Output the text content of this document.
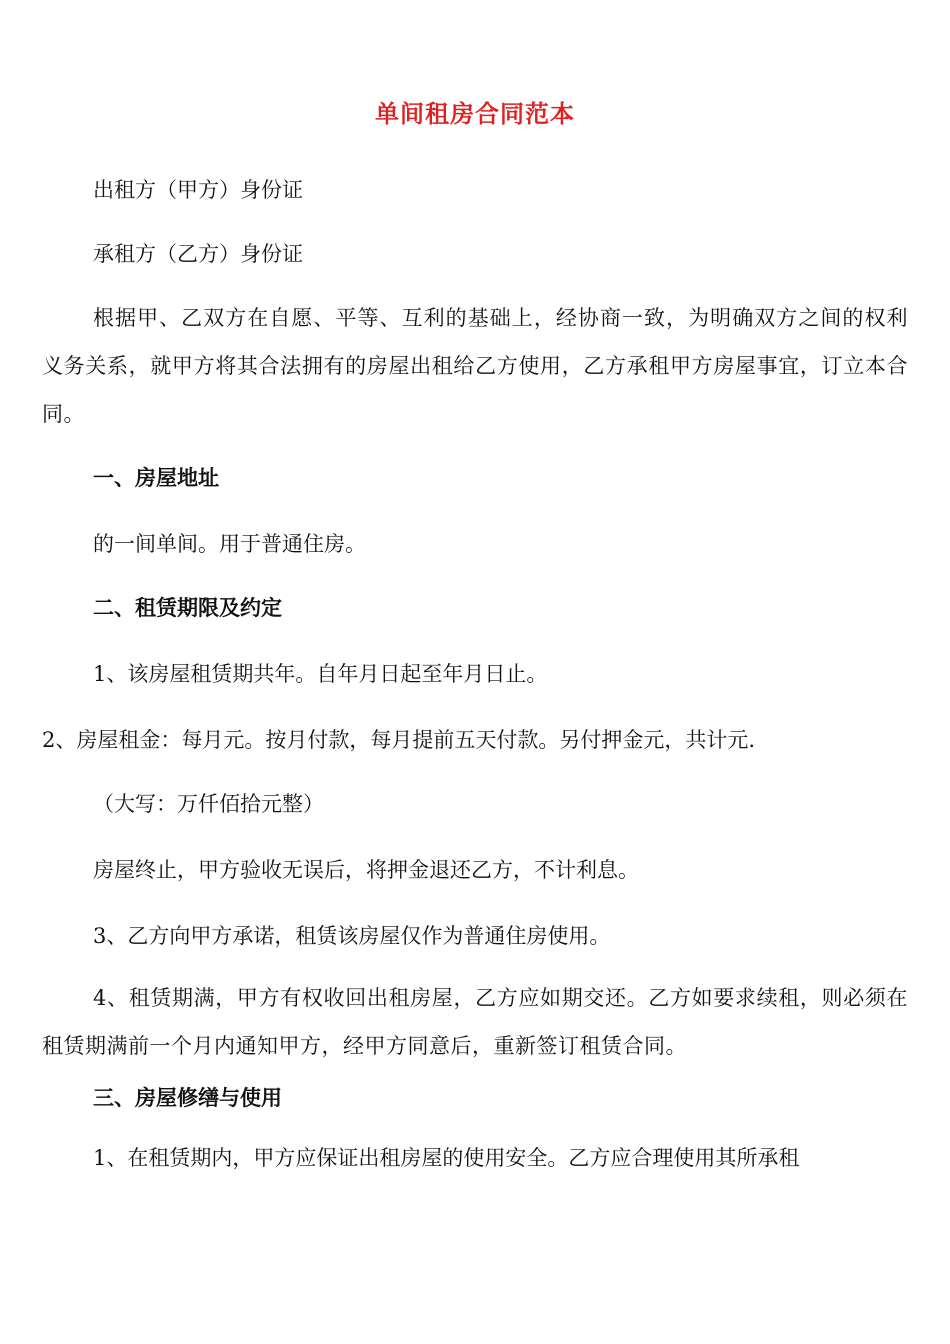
单间租房合同范本
出租方（甲方）身份证
承租方（乙方）身份证
根据甲、乙双方在自愿、平等、互利的基础上，经协商一致，为明确双方之间的权利义务关系，就甲方将其合法拥有的房屋出租给乙方使用，乙方承租甲方房屋事宜，订立本合同。
一、房屋地址
的一间单间。用于普通住房。
二、租赁期限及约定
1、该房屋租赁期共年。自年月日起至年月日止。
2、房屋租金：每月元。按月付款，每月提前五天付款。另付押金元，共计元.
（大写：万仟佰拾元整）
房屋终止，甲方验收无误后，将押金退还乙方，不计利息。
3、乙方向甲方承诺，租赁该房屋仅作为普通住房使用。
4、租赁期满，甲方有权收回出租房屋，乙方应如期交还。乙方如要求续租，则必须在租赁期满前一个月内通知甲方，经甲方同意后，重新签订租赁合同。
三、房屋修缮与使用
1、在租赁期内，甲方应保证出租房屋的使用安全。乙方应合理使用其所承租
